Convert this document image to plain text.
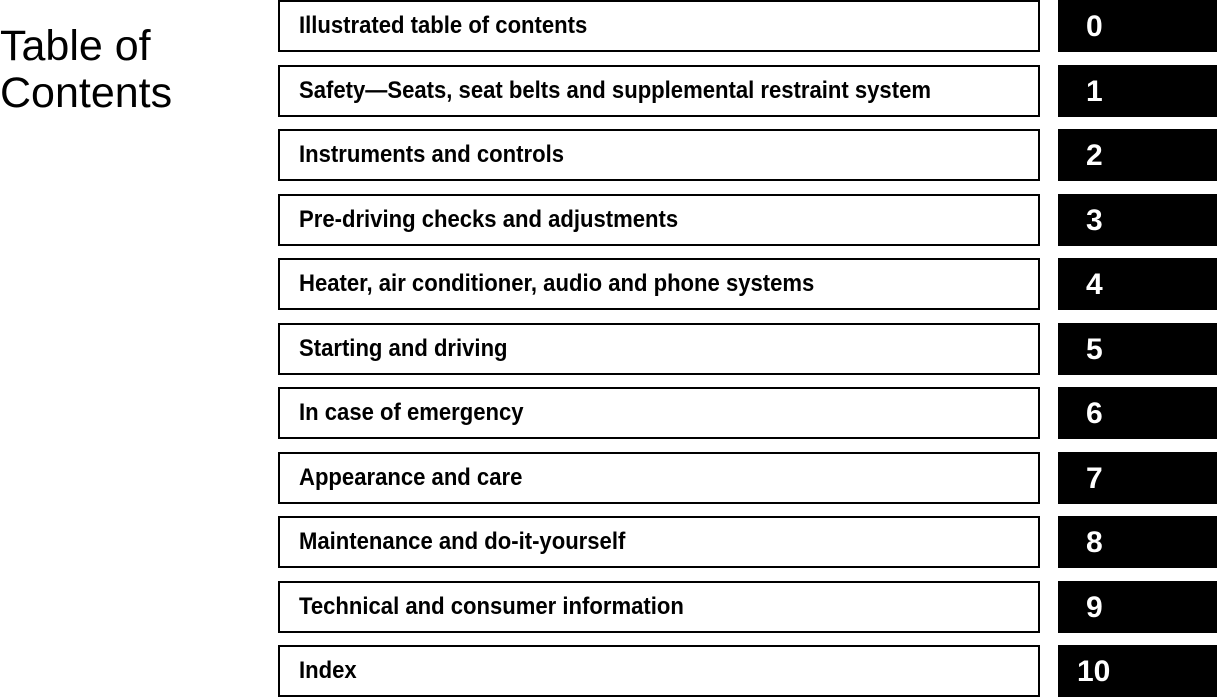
Table of
Contents
Illustrated table of contents	0
Safety—Seats, seat belts and supplemental restraint system	1
Instruments and controls	2
Pre-driving checks and adjustments	3
Heater, air conditioner, audio and phone systems	4
Starting and driving	5
In case of emergency	6
Appearance and care	7
Maintenance and do-it-yourself	8
Technical and consumer information	9
Index	10
